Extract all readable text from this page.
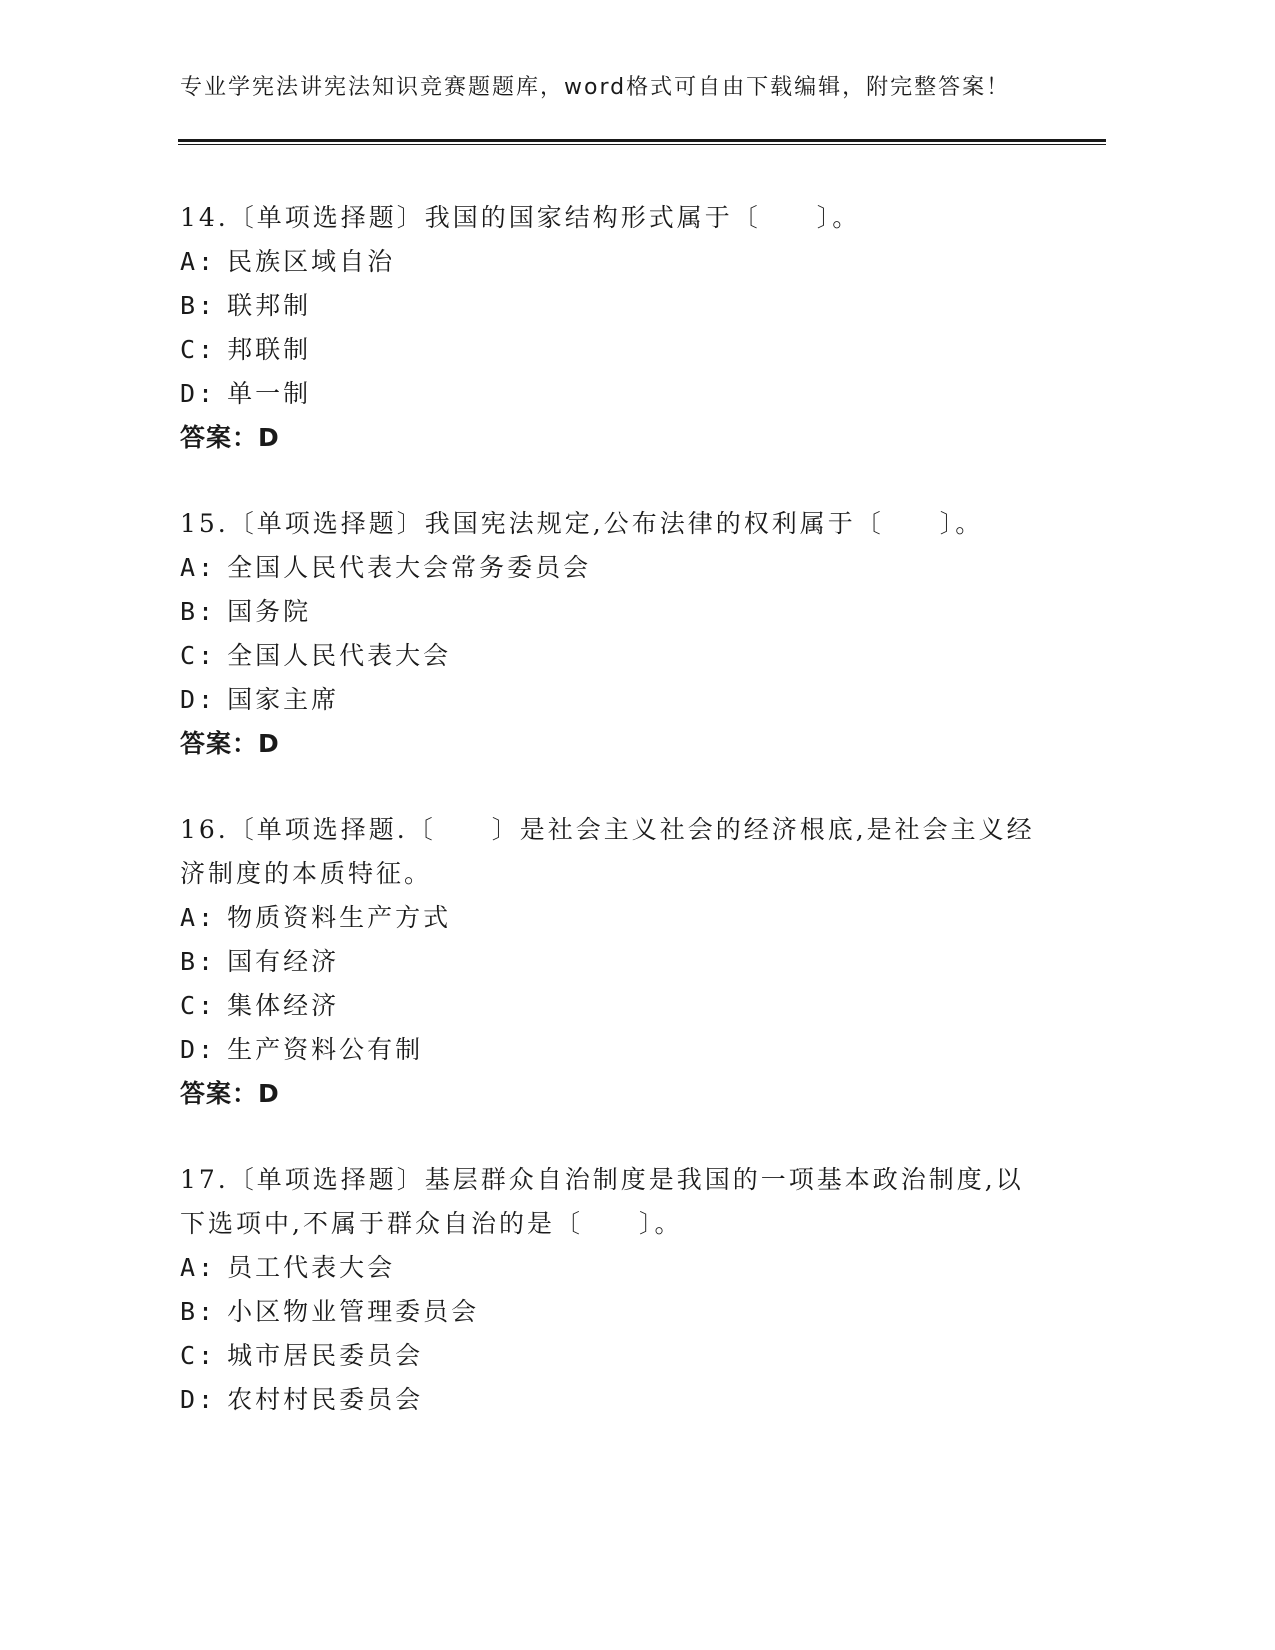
专业学宪法讲宪法知识竞赛题题库，word格式可自由下载编辑，附完整答案！
14.〔单项选择题〕我国的国家结构形式属于〔　　〕。
A: 民族区域自治
B: 联邦制
C: 邦联制
D: 单一制
答案：D
15.〔单项选择题〕我国宪法规定,公布法律的权利属于〔　　〕。
A: 全国人民代表大会常务委员会
B: 国务院
C: 全国人民代表大会
D: 国家主席
答案：D
16.〔单项选择题.〔　　〕是社会主义社会的经济根底,是社会主义经
济制度的本质特征。
A: 物质资料生产方式
B: 国有经济
C: 集体经济
D: 生产资料公有制
答案：D
17.〔单项选择题〕基层群众自治制度是我国的一项基本政治制度,以
下选项中,不属于群众自治的是〔　　〕。
A: 员工代表大会
B: 小区物业管理委员会
C: 城市居民委员会
D: 农村村民委员会
